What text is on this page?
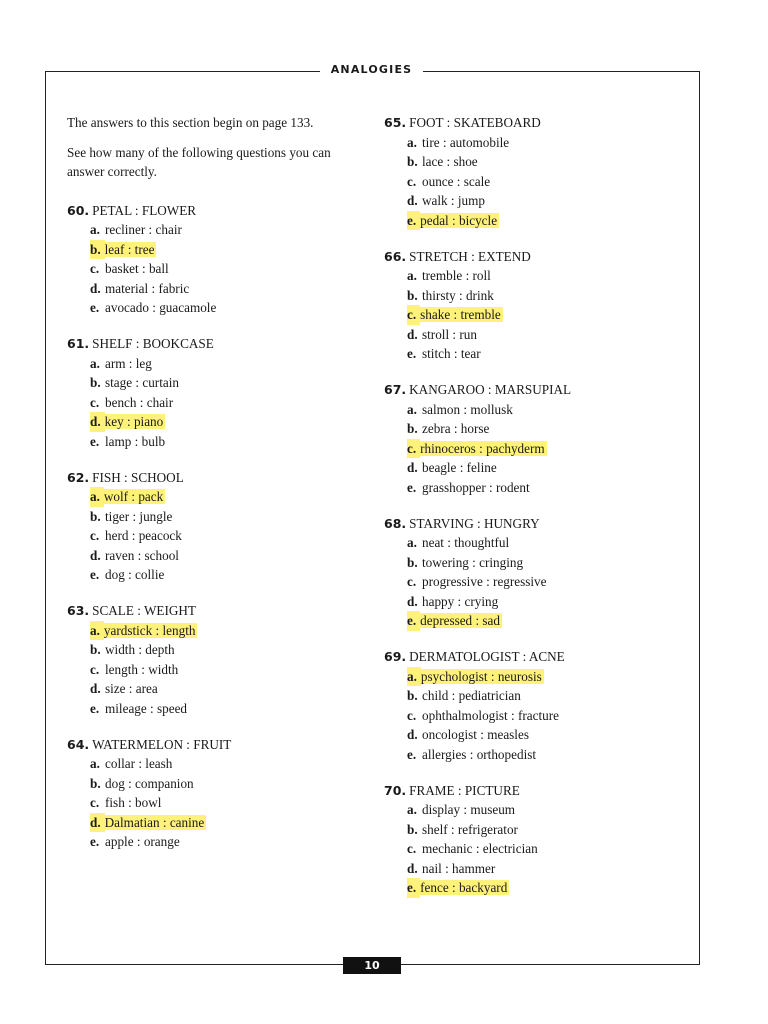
ANALOGIES

The answers to this section begin on page 133.

See how many of the following questions you can answer correctly.

60. PETAL : FLOWER
a. recliner : chair
b. leaf : tree
c. basket : ball
d. material : fabric
e. avocado : guacamole
61. SHELF : BOOKCASE
a. arm : leg
b. stage : curtain
c. bench : chair
d. key : piano
e. lamp : bulb
62. FISH : SCHOOL
a. wolf : pack
b. tiger : jungle
c. herd : peacock
d. raven : school
e. dog : collie
63. SCALE : WEIGHT
a. yardstick : length
b. width : depth
c. length : width
d. size : area
e. mileage : speed
64. WATERMELON : FRUIT
a. collar : leash
b. dog : companion
c. fish : bowl
d. Dalmatian : canine
e. apple : orange
65. FOOT : SKATEBOARD
a. tire : automobile
b. lace : shoe
c. ounce : scale
d. walk : jump
e. pedal : bicycle
66. STRETCH : EXTEND
a. tremble : roll
b. thirsty : drink
c. shake : tremble
d. stroll : run
e. stitch : tear
67. KANGAROO : MARSUPIAL
a. salmon : mollusk
b. zebra : horse
c. rhinoceros : pachyderm
d. beagle : feline
e. grasshopper : rodent
68. STARVING : HUNGRY
a. neat : thoughtful
b. towering : cringing
c. progressive : regressive
d. happy : crying
e. depressed : sad
69. DERMATOLOGIST : ACNE
a. psychologist : neurosis
b. child : pediatrician
c. ophthalmologist : fracture
d. oncologist : measles
e. allergies : orthopedist
70. FRAME : PICTURE
a. display : museum
b. shelf : refrigerator
c. mechanic : electrician
d. nail : hammer
e. fence : backyard
10
